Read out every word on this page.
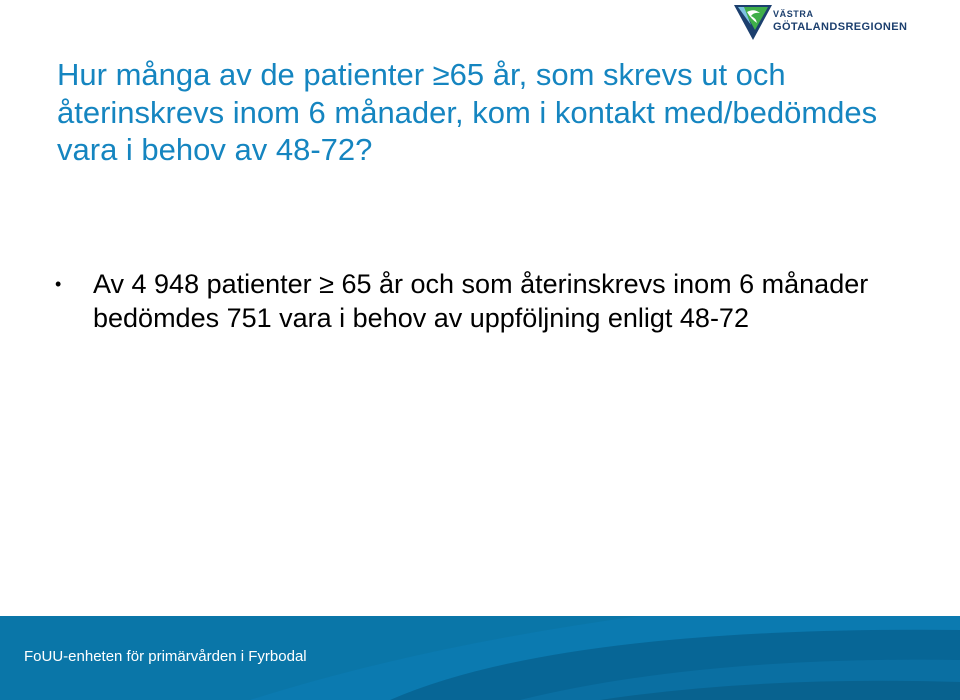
VÄSTRA
GÖTALANDSREGIONEN
Hur många av de patienter ≥65 år, som skrevs ut och återinskrevs inom 6 månader, kom i kontakt med/bedömdes vara i behov av 48-72?
• Av 4 948 patienter ≥ 65 år och som återinskrevs inom 6 månader bedömdes 751 vara i behov av uppföljning enligt 48-72
FoUU-enheten för primärvården i Fyrbodal
